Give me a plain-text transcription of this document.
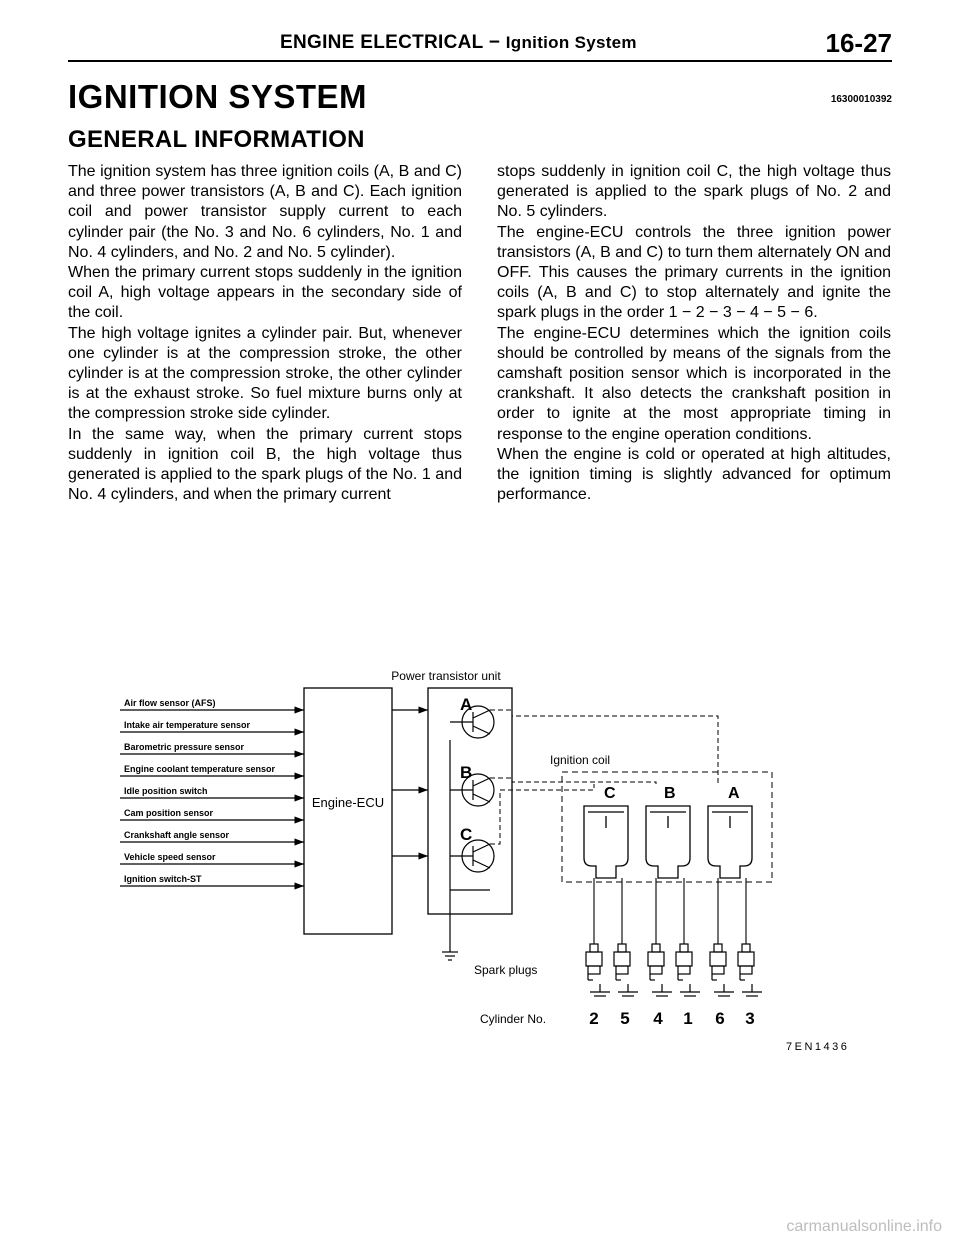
ENGINE ELECTRICAL − Ignition System	16-27
IGNITION SYSTEM	16300010392
GENERAL INFORMATION

The ignition system has three ignition coils (A, B and C) and three power transistors (A, B and C). Each ignition coil and power transistor supply current to each cylinder pair (the No. 3 and No. 6 cylinders, No. 1 and No. 4 cylinders, and No. 2 and No. 5 cylinder).

When the primary current stops suddenly in the ignition coil A, high voltage appears in the secondary side of the coil.

The high voltage ignites a cylinder pair. But, whenever one cylinder is at the compression stroke, the other cylinder is at the compression stroke, the other cylinder is at the exhaust stroke. So fuel mixture burns only at the compression stroke side cylinder.

In the same way, when the primary current stops suddenly in ignition coil B, the high voltage thus generated is applied to the spark plugs of the No. 1 and No. 4 cylinders, and when the primary current

stops suddenly in ignition coil C, the high voltage thus generated is applied to the spark plugs of No. 2 and No. 5 cylinders.

The engine-ECU controls the three ignition power transistors (A, B and C) to turn them alternately ON and OFF. This causes the primary currents in the ignition coils (A, B and C) to stop alternately and ignite the spark plugs in the order 1 − 2 − 3 − 4 − 5 − 6.

The engine-ECU determines which the ignition coils should be controlled by means of the signals from the camshaft position sensor which is incorporated in the crankshaft. It also detects the crankshaft position in order to ignite at the most appropriate timing in response to the engine operation conditions.

When the engine is cold or operated at high altitudes, the ignition timing is slightly advanced for optimum performance.

Air flow sensor (AFS)
Intake air temperature sensor
Barometric pressure sensor
Engine coolant temperature sensor
Idle position switch
Cam position sensor
Crankshaft angle sensor
Vehicle speed sensor
Ignition switch-ST
Engine-ECU
Power transistor unit
A
B
C
Ignition coil
C	B	A
Spark plugs
Cylinder No.	2 5 4 1 6 3
7EN1436
carmanualsonline.info
